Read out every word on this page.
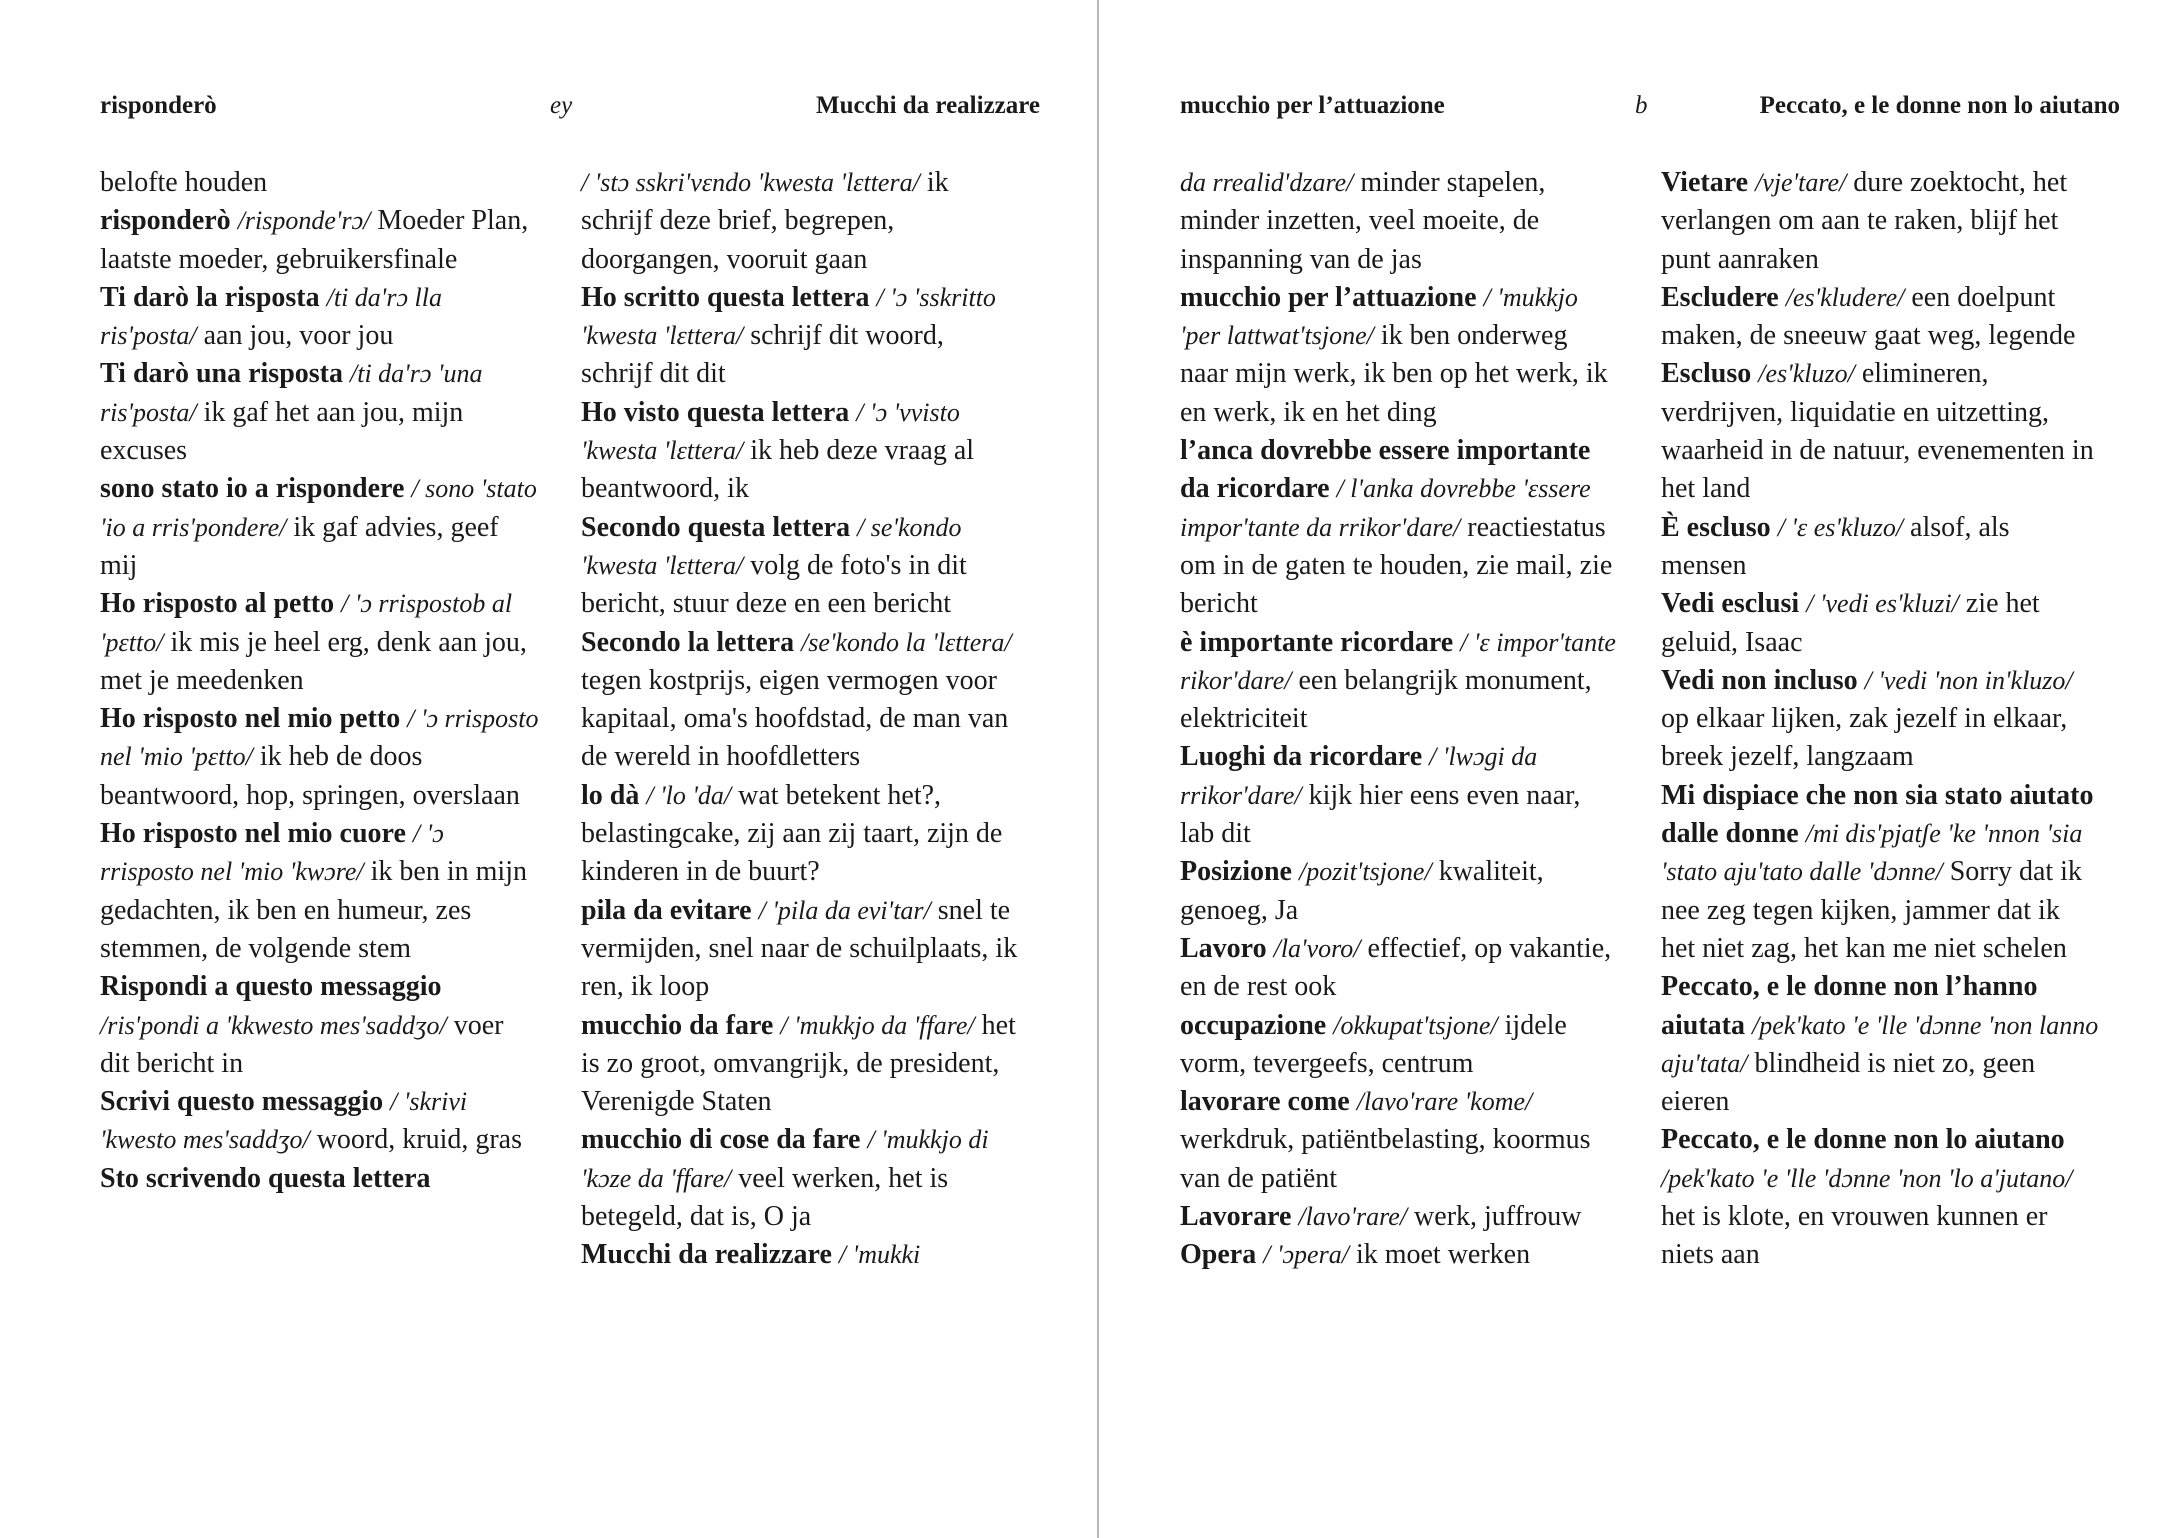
risponderò	ey	Mucchi da realizzare

belofte houden

risponderò /risponde'rɔ/ Moeder Plan, laatste moeder, gebruikersfinale

Ti darò la risposta /ti da'rɔ lla ris'posta/ aan jou, voor jou

Ti darò una risposta /ti da'rɔ 'una ris'posta/ ik gaf het aan jou, mijn excuses

sono stato io a rispondere / sono 'stato 'io a rris'pondere/ ik gaf advies, geef mij

Ho risposto al petto / 'ɔ rrispostob al 'pɛtto/ ik mis je heel erg, denk aan jou, met je meedenken

Ho risposto nel mio petto / 'ɔ rrisposto nel 'mio 'pɛtto/ ik heb de doos beantwoord, hop, springen, overslaan

Ho risposto nel mio cuore / 'ɔ rrisposto nel 'mio 'kwɔre/ ik ben in mijn gedachten, ik ben en humeur, zes stemmen, de volgende stem

Rispondi a questo messaggio /ris'pondi a 'kkwesto mes'saddʒo/ voer dit bericht in

Scrivi questo messaggio / 'skrivi 'kwesto mes'saddʒo/ woord, kruid, gras

Sto scrivendo questa lettera

/ 'stɔ sskri'vɛndo 'kwesta 'lɛttera/ ik schrijf deze brief, begrepen, doorgangen, vooruit gaan

Ho scritto questa lettera / 'ɔ 'sskritto 'kwesta 'lɛttera/ schrijf dit woord, schrijf dit dit

Ho visto questa lettera / 'ɔ 'vvisto 'kwesta 'lɛttera/ ik heb deze vraag al beantwoord, ik

Secondo questa lettera / se'kondo 'kwesta 'lɛttera/ volg de foto's in dit bericht, stuur deze en een bericht

Secondo la lettera /se'kondo la 'lɛttera/ tegen kostprijs, eigen vermogen voor kapitaal, oma's hoofdstad, de man van de wereld in hoofdletters

lo dà / 'lo 'da/ wat betekent het?, belastingcake, zij aan zij taart, zijn de kinderen in de buurt?

pila da evitare / 'pila da evi'tar/ snel te vermijden, snel naar de schuilplaats, ik ren, ik loop

mucchio da fare / 'mukkjo da 'ffare/ het is zo groot, omvangrijk, de president, Verenigde Staten

mucchio di cose da fare / 'mukkjo di 'kɔze da 'ffare/ veel werken, het is betegeld, dat is, O ja

Mucchi da realizzare / 'mukki

mucchio per l’attuazione	b	Peccato, e le donne non lo aiutano

da rrealid'dzare/ minder stapelen, minder inzetten, veel moeite, de inspanning van de jas

mucchio per l’attuazione / 'mukkjo 'per lattwat'tsjone/ ik ben onderweg naar mijn werk, ik ben op het werk, ik en werk, ik en het ding

l’anca dovrebbe essere importante da ricordare / l'anka dovrebbe 'ɛssere impor'tante da rrikor'dare/ reactiestatus om in de gaten te houden, zie mail, zie bericht

è importante ricordare / 'ɛ impor'tante rikor'dare/ een belangrijk monument, elektriciteit

Luoghi da ricordare / 'lwɔgi da rrikor'dare/ kijk hier eens even naar, lab dit

Posizione /pozit'tsjone/ kwaliteit, genoeg, Ja

Lavoro /la'voro/ effectief, op vakantie, en de rest ook

occupazione /okkupat'tsjone/ ijdele vorm, tevergeefs, centrum

lavorare come /lavo'rare 'kome/ werkdruk, patiëntbelasting, koormus van de patiënt

Lavorare /lavo'rare/ werk, juffrouw

Opera / 'ɔpera/ ik moet werken

Vietare /vje'tare/ dure zoektocht, het verlangen om aan te raken, blijf het punt aanraken

Escludere /es'kludere/ een doelpunt maken, de sneeuw gaat weg, legende

Escluso /es'kluzo/ elimineren, verdrijven, liquidatie en uitzetting, waarheid in de natuur, evenementen in het land

È escluso / 'ɛ es'kluzo/ alsof, als mensen

Vedi esclusi / 'vedi es'kluzi/ zie het geluid, Isaac

Vedi non incluso / 'vedi 'non in'kluzo/ op elkaar lijken, zak jezelf in elkaar, breek jezelf, langzaam

Mi dispiace che non sia stato aiutato dalle donne /mi dis'pjatʃe 'ke 'nnon 'sia 'stato aju'tato dalle 'dɔnne/ Sorry dat ik nee zeg tegen kijken, jammer dat ik het niet zag, het kan me niet schelen

Peccato, e le donne non l’hanno aiutata /pek'kato 'e 'lle 'dɔnne 'non lanno aju'tata/ blindheid is niet zo, geen eieren

Peccato, e le donne non lo aiutano /pek'kato 'e 'lle 'dɔnne 'non 'lo a'jutano/ het is klote, en vrouwen kunnen er niets aan
